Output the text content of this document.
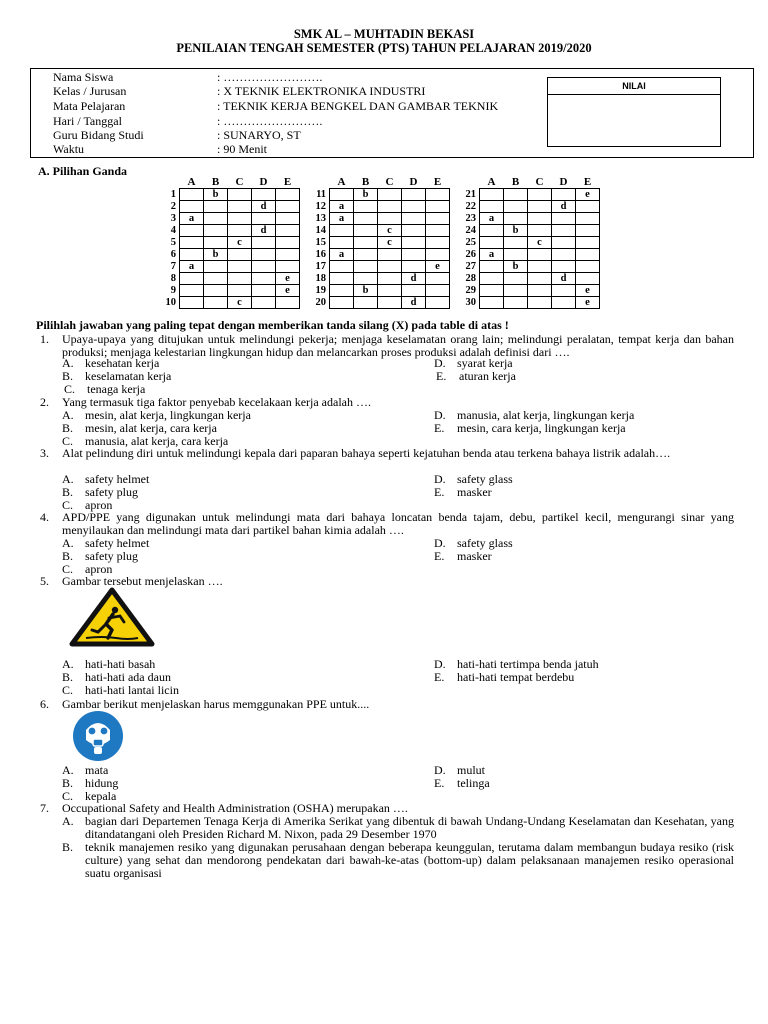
SMK AL – MUHTADIN BEKASI
PENILAIAN TENGAH SEMESTER (PTS) TAHUN PELAJARAN 2019/2020
Nama Siswa	: …………………….
Kelas / Jurusan	: X TEKNIK ELEKTRONIKA INDUSTRI
Mata Pelajaran	: TEKNIK KERJA BENGKEL DAN GAMBAR TEKNIK
Hari / Tanggal	: …………………….
Guru Bidang Studi	: SUNARYO, ST
Waktu	: 90 Menit
NILAI
A. Pilihan Ganda
	A	B	C	D	E
1		b			
2				d	
3	a				
4				d	
5			c		
6		b			
7	a				
8					e
9					e
10			c		
	A	B	C	D	E
11		b			
12	a				
13	a				
14			c		
15			c		
16	a				
17					e
18				d	
19		b			
20				d	
	A	B	C	D	E
21					e
22				d	
23	a				
24		b			
25			c		
26	a				
27		b			
28				d	
29					e
30					e
Pilihlah jawaban yang paling tepat dengan memberikan tanda silang (X) pada table di atas !
1. Upaya-upaya yang ditujukan untuk melindungi pekerja; menjaga keselamatan orang lain; melindungi peralatan, tempat kerja dan bahan produksi; menjaga kelestarian lingkungan hidup dan melancarkan proses produksi adalah definisi dari ….
A. kesehatan kerja	D. syarat kerja
B. keselamatan kerja	E. aturan kerja
C. tenaga kerja
2. Yang termasuk tiga faktor penyebab kecelakaan kerja adalah ….
A. mesin, alat kerja, lingkungan kerja	D. manusia, alat kerja, lingkungan kerja
B. mesin, alat kerja, cara kerja	E. mesin, cara kerja, lingkungan kerja
C. manusia, alat kerja, cara kerja
3. Alat pelindung diri untuk melindungi kepala dari paparan bahaya seperti kejatuhan benda atau terkena bahaya listrik adalah….
A. safety helmet	D. safety glass
B. safety plug	E. masker
C. apron
4. APD/PPE yang digunakan untuk melindungi mata dari bahaya loncatan benda tajam, debu, partikel kecil, mengurangi sinar yang menyilaukan dan melindungi mata dari partikel bahan kimia adalah ….
A. safety helmet	D. safety glass
B. safety plug	E. masker
C. apron
5. Gambar tersebut menjelaskan ….
A. hati-hati basah	D. hati-hati tertimpa benda jatuh
B. hati-hati ada daun	E. hati-hati tempat berdebu
C. hati-hati lantai licin
6. Gambar berikut menjelaskan harus memggunakan PPE untuk....
A. mata	D. mulut
B. hidung	E. telinga
C. kepala
7. Occupational Safety and Health Administration (OSHA) merupakan ….
A. bagian dari Departemen Tenaga Kerja di Amerika Serikat yang dibentuk di bawah Undang-Undang Keselamatan dan Kesehatan, yang ditandatangani oleh Presiden Richard M. Nixon, pada 29 Desember 1970
B. teknik manajemen resiko yang digunakan perusahaan dengan beberapa keunggulan, terutama dalam membangun budaya resiko (risk culture) yang sehat dan mendorong pendekatan dari bawah-ke-atas (bottom-up) dalam pelaksanaan manajemen resiko operasional suatu organisasi
